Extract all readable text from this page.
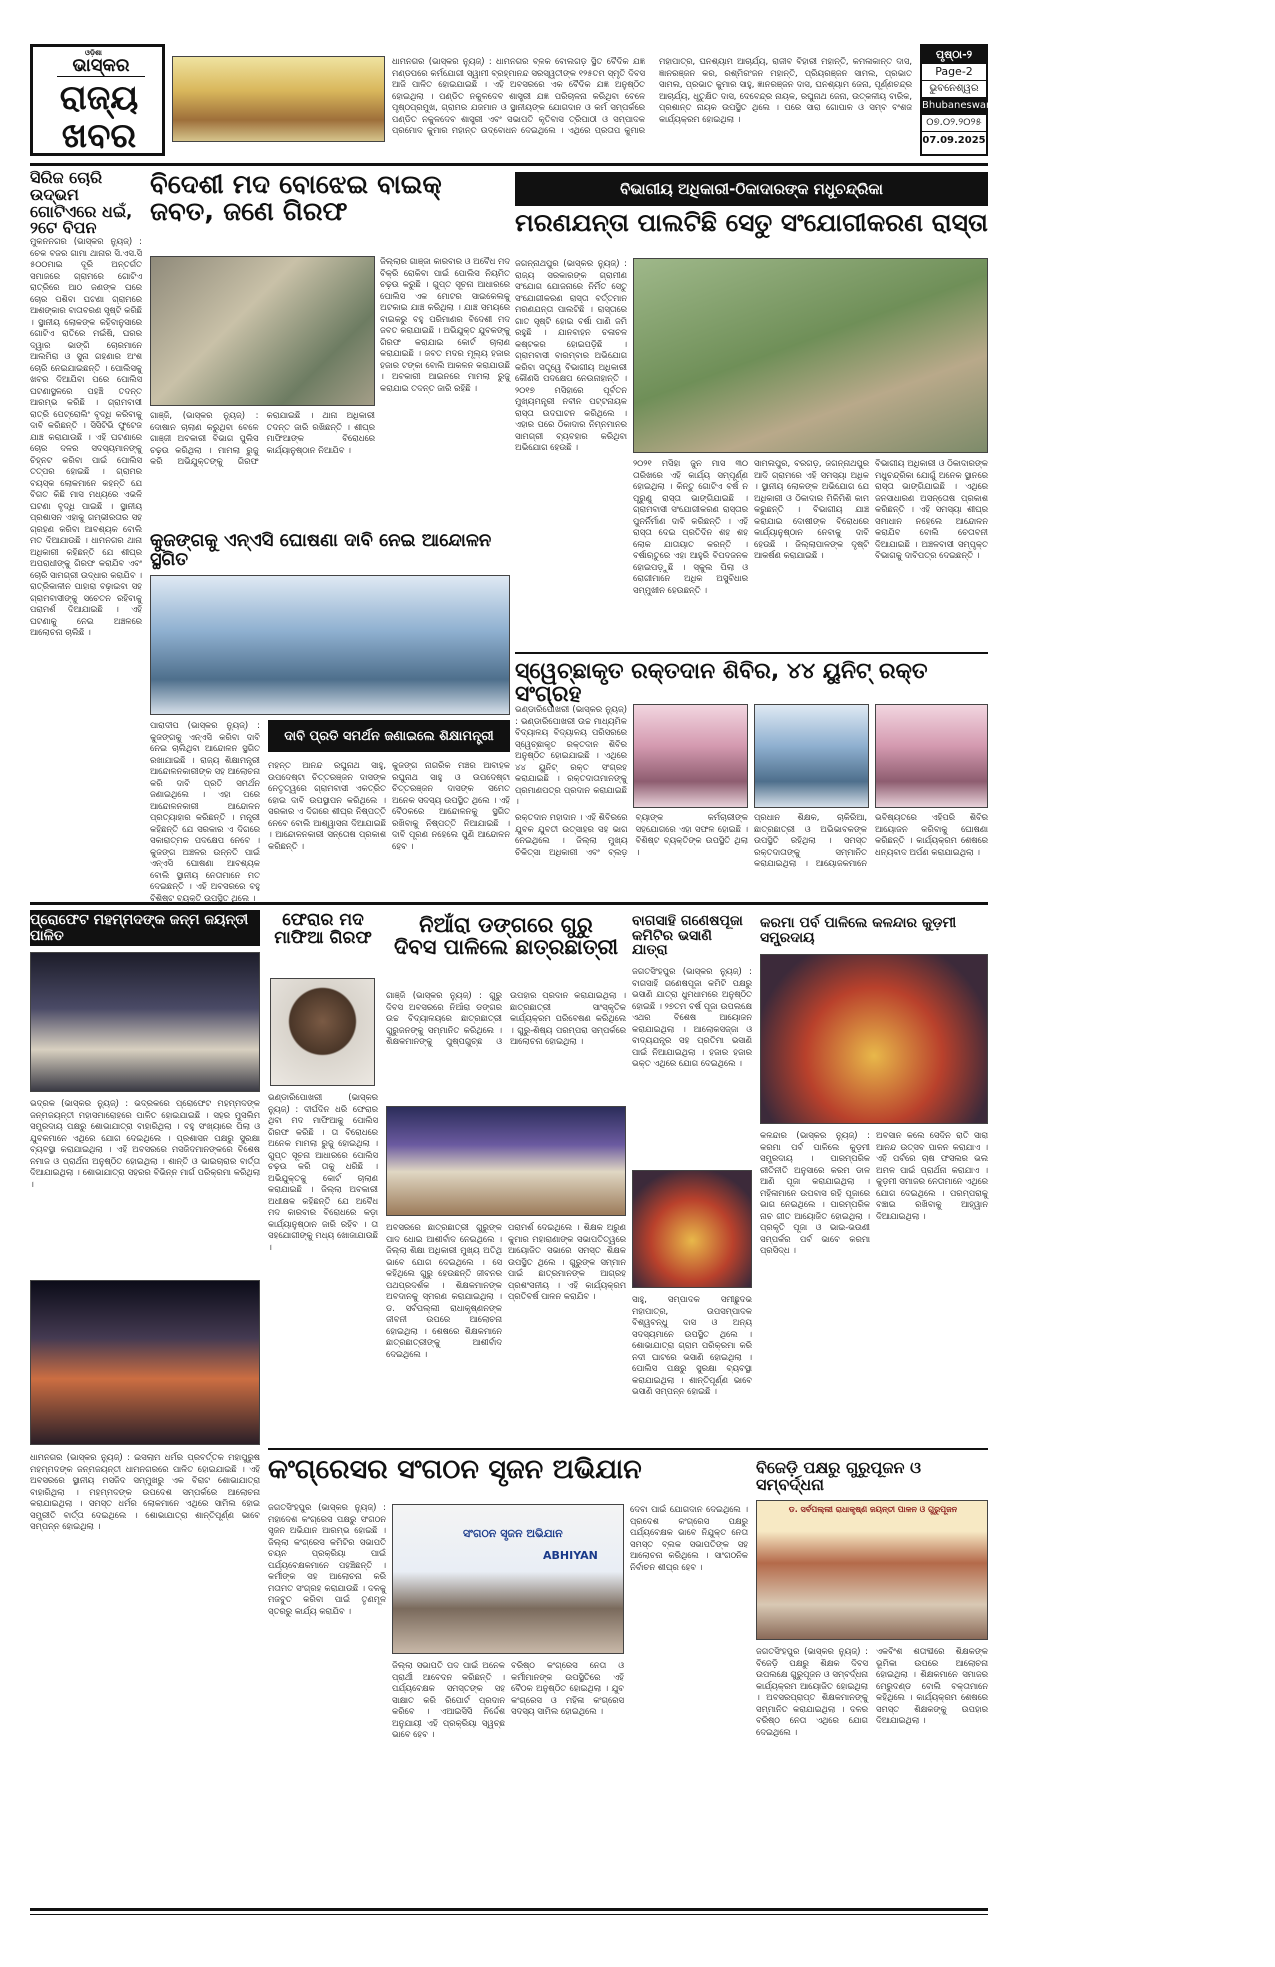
ଓଡ଼ିଶା
ଭାସ୍କର
ରାଜ୍ୟ
ଖବର
ଧାମନଗର (ଭାସ୍କର ନ୍ୟୁଜ୍) : ଧାମନଗର ବ୍ଳକ ବୋଲଗଡ଼ ସ୍ଥିତ ବୈଦିକ ଯଜ୍ଞ ମଣ୍ଡପରେ କର୍ମଯୋଗୀ ସ୍ୱାମୀ ବ୍ରହ୍ମାନନ୍ଦ ସରସ୍ୱତୀଙ୍କ ୧୨୫ତମ ସ୍ମୃତି ଦିବସ ଆଜି ପାଳିତ ହୋଇଯାଇଛି । ଏହି ଅବସରରେ ଏକ ବୈଦିକ ଯଜ୍ଞ ଅନୁଷ୍ଠିତ ହୋଇଥିଲା । ପଣ୍ଡିତ ନକୁଳଦେବ ଶାସ୍ତ୍ରୀ ଯଜ୍ଞ ପରିଚାଳନା କରିଥିବା ବେଳେ ପୃଷ୍ଠପ୍ରମୁଖ, ଗ୍ରାମର ଯଜମାନ ଓ ସ୍ଥାନୀୟଙ୍କ ଯୋଗଦାନ ଓ କର୍ମ ସମ୍ପର୍କରେ ପଣ୍ଡିତ ନକୁଳଦେବ ଶାସ୍ତ୍ରୀ ଏବଂ ସଭାପତି କୃତିବାସ ତ୍ରିପାଠୀ ଓ ସମ୍ପାଦକ ପ୍ରମୋଦ କୁମାର ମହାନ୍ତ ଉଦ୍ବୋଧନ ଦେଇଥିଲେ । ଏଥିରେ ପ୍ରତାପ କୁମାର ମହାପାତ୍ର, ଘନଶ୍ୟାମ ଆଚାର୍ଯ୍ୟ, ରାଜୀବ ବିହାରୀ ମହାନ୍ତି, କମଳାକାନ୍ତ ଦାସ, ଜ୍ଞାନରଞ୍ଜନ କର, ରଶ୍ମିରଂଜନ ମହାନ୍ତି, ପ୍ରିୟରଞ୍ଜନ ସାମଲ, ପ୍ରଭାତ ସାମଲ, ପ୍ରଭାତ କୁମାର ସାହୁ, ଜ୍ଞାନରଞ୍ଜନ ଦାସ, ଘନଶ୍ୟାମ ଜେନା, ପୂର୍ଣ୍ଣଚନ୍ଦ୍ର ଆଚାର୍ଯ୍ୟ, ଧୃତୁକ୍ଷିତ ଦାସ, ଦେବେନ୍ଦ୍ର ନାୟକ, ରଘୁନାଥ ଜେନା, ଉତ୍କଳୀୟ ବାରିକ, ପ୍ରଶାନ୍ତ ନାୟକ ଉପସ୍ଥିତ ଥିଲେ । ପରେ ସାରା ଗୋପାଳ ଓ ସମ୍ବ ବଂଶଜ କାର୍ଯ୍ୟକ୍ରମ ହୋଇଥିଲା ।
ପୃଷ୍ଠା-୨
Page-2
ଭୁବନେଶ୍ୱର
Bhubaneswar
୦୭.୦୨.୨୦୨୫
07.09.2025
ସିରିଜ ଚୋରି ଉଦ୍ଭମ
ଗୋଟିଏରେ ଧଇଁ, ୨ଟେ ବିପନ
ମୁକନନଗର (ଭାସ୍କର ନ୍ୟୁଜ୍) : ଚେକ ବଜର ଗାମା ଥାନାର ସି.ଏସ.ସି ୫୦୦ମାଇ ଦୂରି ଅନ୍ତର୍ଗତ ସମାଜରେ ଗ୍ରାମରେ ଗୋଟିଏ ରାତ୍ରିରେ ଆଠ ଜଣଙ୍କ ଘରେ ଚୋର ପଶିବା ଘଟଣା ଗ୍ରାମରେ ଆଶଙ୍କାର ବାତାବରଣ ସୃଷ୍ଟି କରିଛି । ସ୍ଥାନୀୟ ଲୋକଙ୍କ କହିବାନୁସାରେ ଗୋଟିଏ ରାତିରେ ମଇଁଷି, ଘରର ଦ୍ୱାର ଭାଙ୍ଗି ଚୋରମାନେ ଆଲମିରା ଓ ସୁନା ଗହଣାର ଅଂଶ ଚୋରି ନେଇଯାଇଛନ୍ତି । ପୋଲିସକୁ ଖବର ଦିଆଯିବା ପରେ ପୋଲିସ ଘଟଣାସ୍ଥଳରେ ପହଞ୍ଚି ତଦନ୍ତ ଆରମ୍ଭ କରିଛି । ଗ୍ରାମବାସୀ ରାତ୍ରି ପେଟ୍ରୋଲିଂ ବୃଦ୍ଧି କରିବାକୁ ଦାବି କରିଛନ୍ତି । ସିସିଟିଭି ଫୁଟେଜ ଯାଞ୍ଚ କରାଯାଉଛି । ଏହି ଘଟଣାରେ ଚୋର ଦଳର ସଦସ୍ୟମାନଙ୍କୁ ଚିହ୍ନଟ କରିବା ପାଇଁ ପୋଲିସ ତତ୍ପର ହୋଇଛି । ଗ୍ରାମର ବୟସ୍କ ଲୋକମାନେ କହନ୍ତି ଯେ ବିଗତ କିଛି ମାସ ମଧ୍ୟରେ ଏଭଳି ଘଟଣା ବୃଦ୍ଧି ପାଇଛି । ସ୍ଥାନୀୟ ପ୍ରଶାସନ ଏହାକୁ ଗମ୍ଭୀରତାର ସହ ଗ୍ରହଣ କରିବା ଆବଶ୍ୟକ ବୋଲି ମତ ଦିଆଯାଉଛି । ଧାମନଗର ଥାନା ଅଧିକାରୀ କହିଛନ୍ତି ଯେ ଶୀଘ୍ର ଅପରାଧୀଙ୍କୁ ଗିରଫ କରାଯିବ ଏବଂ ଚୋରି ସାମଗ୍ରୀ ଉଦ୍ଧାର କରାଯିବ । ରାତ୍ରିକାଳୀନ ପାହାରା ବଢ଼ାଇବା ସହ ଗ୍ରାମବାସୀଙ୍କୁ ସଚେତନ ରହିବାକୁ ପରାମର୍ଶ ଦିଆଯାଇଛି । ଏହି ଘଟଣାକୁ ନେଇ ଅଞ୍ଚଳରେ ଆଲୋଚନା ଚାଲିଛି ।
ବିଦେଶୀ ମଦ ବୋଝେଇ ବାଇକ୍ ଜବତ, ଜଣେ ଗିରଫ
ଜିଲ୍ଲାର ଗାଞ୍ଜା କାରବାର ଓ ଅବୈଧ ମଦ ବିକ୍ରି ରୋକିବା ପାଇଁ ପୋଲିସ ନିୟମିତ ଚଢ଼ଉ କରୁଛି । ଗୁପ୍ତ ସୂଚନା ଆଧାରରେ ପୋଲିସ ଏକ ମୋଟର ସାଇକେଲକୁ ଅଟକାଇ ଯାଞ୍ଚ କରିଥିଲା । ଯାଞ୍ଚ ସମୟରେ ବାଇକରୁ ବହୁ ପରିମାଣର ବିଦେଶୀ ମଦ ଜବତ କରାଯାଇଛି । ଅଭିଯୁକ୍ତ ଯୁବକଙ୍କୁ ଗିରଫ କରାଯାଇ କୋର୍ଟ ଚାଲାଣ କରାଯାଇଛି । ଜବତ ମଦର ମୂଲ୍ୟ ହଜାର ହଜାର ଟଙ୍କା ବୋଲି ଆକଳନ କରାଯାଉଛି । ଅବକାରୀ ଆଇନରେ ମାମଲା ରୁଜୁ କରାଯାଇ ତଦନ୍ତ ଜାରି ରହିଛି ।
ଗାଞ୍ଜି, (ଭାସ୍କର ନ୍ୟୁଜ୍) : ଦୋଷାନ ଚାଲାଣ କରୁଥିବା ବେଳେ ଗାଞ୍ଜୀ ଅବକାରୀ ବିଭାଗ ପୁଲିସ ଚଢ଼ଉ କରିଥିଲା । ମାମଲା ରୁଜୁ କରି ଅଭିଯୁକ୍ତଙ୍କୁ ଗିରଫ କରାଯାଇଛି । ଥାନା ଅଧିକାରୀ ତଦନ୍ତ ଜାରି ରଖିଛନ୍ତି । ଶୀଘ୍ର ମାଫିଆଙ୍କ ବିରୋଧରେ କାର୍ଯ୍ୟାନୁଷ୍ଠାନ ନିଆଯିବ ।
କୁଜଙ୍ଗକୁ ଏନ୍‌ଏସି ଘୋଷଣା ଦାବି ନେଇ ଆନ୍ଦୋଳନ ସ୍ଥଗିତ
ପାରାଦୀପ (ଭାସ୍କର ନ୍ୟୁଜ୍) : କୁଜଙ୍ଗକୁ ଏନ୍‌ଏସି କରିବା ଦାବି ନେଇ ଚାଲିଥିବା ଆନ୍ଦୋଳନ ସ୍ଥଗିତ ରଖାଯାଇଛି । ରାଜ୍ୟ ଶିକ୍ଷାମନ୍ତ୍ରୀ ଆନ୍ଦୋଳନକାରୀଙ୍କ ସହ ଆଲୋଚନା କରି ଦାବି ପ୍ରତି ସମର୍ଥନ ଜଣାଇଥିଲେ । ଏହା ପରେ ଆନ୍ଦୋଳନକାରୀ ଆନ୍ଦୋଳନ ପ୍ରତ୍ୟାହାର କରିଛନ୍ତି । ମନ୍ତ୍ରୀ କହିଛନ୍ତି ଯେ ସରକାର ଏ ଦିଗରେ ସକାରାତ୍ମକ ପଦକ୍ଷେପ ନେବେ । କୁଜଙ୍ଗ ଅଞ୍ଚଳର ଉନ୍ନତି ପାଇଁ ଏନ୍‌ଏସି ଘୋଷଣା ଆବଶ୍ୟକ ବୋଲି ସ୍ଥାନୀୟ ନେତାମାନେ ମତ ଦେଇଛନ୍ତି । ଏହି ଅବସରରେ ବହୁ ବିଶିଷ୍ଟ ବ୍ୟକ୍ତି ଉପସ୍ଥିତ ଥିଲେ ।
ଦାବି ପ୍ରତି ସମର୍ଥନ ଜଣାଇଲେ ଶିକ୍ଷାମନ୍ତ୍ରୀ
ମହନ୍ତ ଆନନ୍ଦ ରଘୁନାଥ ସାହୁ, ଉପଦେଷ୍ଟା ଚିତ୍ତରଞ୍ଜନ ଦାସଙ୍କ ନେତୃତ୍ୱରେ ଗ୍ରାମବାସୀ ଏକତ୍ରିତ ହୋଇ ଦାବି ଉପସ୍ଥାପନ କରିଥିଲେ । ସରକାର ଏ ଦିଗରେ ଶୀଘ୍ର ନିଷ୍ପତ୍ତି ନେବେ ବୋଲି ଆଶ୍ୱାସନା ଦିଆଯାଇଛି । ଆନ୍ଦୋଳନକାରୀ ସନ୍ତୋଷ ପ୍ରକାଶ କରିଛନ୍ତି ।
କୁଜଙ୍ଗ ନାଗରିକ ମଞ୍ଚର ଆବାହକ ରଘୁନାଥ ସାହୁ ଓ ଉପଦେଷ୍ଟା ଚିତ୍ତରଞ୍ଜନ ଦାସଙ୍କ ସମେତ ଅନେକ ସଦସ୍ୟ ଉପସ୍ଥିତ ଥିଲେ । ଏହି ବୈଠକରେ ଆନ୍ଦୋଳନକୁ ସ୍ଥଗିତ ରଖିବାକୁ ନିଷ୍ପତ୍ତି ନିଆଯାଇଛି । ଦାବି ପୂରଣ ନହେଲେ ପୁଣି ଆନ୍ଦୋଳନ ହେବ ।
ବିଭାଗୀୟ ଅଧିକାରୀ-ଠିକାଦାରଙ୍କ ମଧୁଚନ୍ଦ୍ରିକା
ମରଣଯନ୍ତା ପାଲଟିଛି ସେତୁ ସଂଯୋଗୀକରଣ ରାସ୍ତା
ଜଗନ୍ନାଥପୁର (ଭାସ୍କର ନ୍ୟୁଜ୍) : ରାଜ୍ୟ ସରକାରଙ୍କ ଗ୍ରାମୀଣ ସଂଯୋଗ ଯୋଜନାରେ ନିର୍ମିତ ସେତୁ ସଂଯୋଗୀକରଣ ରାସ୍ତା ବର୍ତ୍ତମାନ ମରଣଯନ୍ତା ପାଲଟିଛି । ରାସ୍ତାରେ ଗାତ ସୃଷ୍ଟି ହୋଇ ବର୍ଷା ପାଣି ଜମି ରହୁଛି । ଯାନବାହନ ଚଳାଚଳ କଷ୍ଟକର ହୋଇପଡ଼ିଛି । ଗ୍ରାମବାସୀ ବାରମ୍ବାର ଅଭିଯୋଗ କରିବା ସତ୍ତ୍ୱେ ବିଭାଗୀୟ ଅଧିକାରୀ କୌଣସି ପଦକ୍ଷେପ ନେଉନାହାନ୍ତି । ୨୦୧୭ ମସିହାରେ ପୂର୍ବତନ ମୁଖ୍ୟମନ୍ତ୍ରୀ ନବୀନ ପଟ୍ଟନାୟକ ରାସ୍ତା ଉଦଘାଟନ କରିଥିଲେ । ଏହାର ପରେ ଠିକାଦାର ନିମ୍ନମାନର ସାମଗ୍ରୀ ବ୍ୟବହାର କରିଥିବା ଅଭିଯୋଗ ହେଉଛି ।
୨୦୨୧ ମସିହା ଜୁନ ମାସ ୩୦ ତାରିଖରେ ଏହି କାର୍ଯ୍ୟ ସମ୍ପୂର୍ଣ୍ଣ ହୋଇଥିଲା । କିନ୍ତୁ ଗୋଟିଏ ବର୍ଷ ନ ପୂରୁଣୁ ରାସ୍ତା ଭାଙ୍ଗିଯାଇଛି । ଗ୍ରାମବାସୀ ସଂଯୋଗୀକରଣ ରାସ୍ତାର ପୁନର୍ନିର୍ମାଣ ଦାବି କରିଛନ୍ତି । ଏହି ରାସ୍ତା ଦେଇ ପ୍ରତିଦିନ ଶହ ଶହ ଲୋକ ଯାତାୟାତ କରନ୍ତି । ବର୍ଷାଋତୁରେ ଏହା ଆହୁରି ବିପଦଜନକ ହୋଇପଡ଼ୁଛି । ସ୍କୁଲ ପିଲା ଓ ରୋଗୀମାନେ ଅଧିକ ଅସୁବିଧାର ସମ୍ମୁଖୀନ ହେଉଛନ୍ତି ।
ସାମଲପୁର, ବରଗଡ଼, ଜଗନ୍ନାଥପୁର ଆଦି ଗ୍ରାମରେ ଏହି ସମସ୍ୟା ଅଧିକ । ସ୍ଥାନୀୟ ଲୋକଙ୍କ ଅଭିଯୋଗ ଯେ ଅଧିକାରୀ ଓ ଠିକାଦାର ମିଳିମିଶି କାମ କରୁଛନ୍ତି । ବିଭାଗୀୟ ଯାଞ୍ଚ କରାଯାଇ ଦୋଷୀଙ୍କ ବିରୋଧରେ କାର୍ଯ୍ୟାନୁଷ୍ଠାନ ନେବାକୁ ଦାବି ହେଉଛି । ଜିଲ୍ଲାପାଳଙ୍କ ଦୃଷ୍ଟି ଆକର୍ଷଣ କରାଯାଇଛି ।
ବିଭାଗୀୟ ଅଧିକାରୀ ଓ ଠିକାଦାରଙ୍କ ମଧୁଚନ୍ଦ୍ରିକା ଯୋଗୁଁ ଅନେକ ସ୍ଥାନରେ ରାସ୍ତା ଭାଙ୍ଗିଯାଇଛି । ଏଥିରେ ଜନସାଧାରଣ ଅସନ୍ତୋଷ ପ୍ରକାଶ କରିଛନ୍ତି । ଏହି ସମସ୍ୟା ଶୀଘ୍ର ସମାଧାନ ନହେଲେ ଆନ୍ଦୋଳନ କରାଯିବ ବୋଲି ଚେତାବନୀ ଦିଆଯାଇଛି । ଅଞ୍ଚଳବାସୀ ସମ୍ପୃକ୍ତ ବିଭାଗକୁ ଦାବିପତ୍ର ଦେଇଛନ୍ତି ।
ସ୍ୱେଚ୍ଛାକୃତ ରକ୍ତଦାନ ଶିବିର, ୪୪ ୟୁନିଟ୍ ରକ୍ତ ସଂଗ୍ରହ
ଭଣ୍ଡାରିପୋଖରୀ (ଭାସ୍କର ନ୍ୟୁଜ୍) : ଭଣ୍ଡାରିପୋଖରୀ ଉଚ୍ଚ ମାଧ୍ୟମିକ ବିଦ୍ୟାଳୟ ବିଦ୍ୟାଳୟ ପରିସରରେ ସ୍ୱେଚ୍ଛାକୃତ ରକ୍ତଦାନ ଶିବିର ଅନୁଷ୍ଠିତ ହୋଇଯାଇଛି । ଏଥିରେ ୪୪ ୟୁନିଟ୍ ରକ୍ତ ସଂଗ୍ରହ କରାଯାଇଛି । ରକ୍ତଦାତାମାନଙ୍କୁ ପ୍ରମାଣପତ୍ର ପ୍ରଦାନ କରାଯାଇଛି ।
ରକ୍ତଦାନ ମହାଦାନ । ଏହି ଶିବିରରେ ଯୁବକ ଯୁବତୀ ଉତ୍ସାହର ସହ ଭାଗ ନେଇଥିଲେ । ଜିଲ୍ଲା ମୁଖ୍ୟ ଚିକିତ୍ସା ଅଧିକାରୀ ଏବଂ ବ୍ଲଡ଼ ବ୍ୟାଙ୍କ କର୍ମଚାରୀଙ୍କ ସହଯୋଗରେ ଏହା ସଫଳ ହୋଇଛି । ବିଶିଷ୍ଟ ବ୍ୟକ୍ତିଙ୍କ ଉପସ୍ଥିତି ଥିଲା ।
ପ୍ରଧାନ ଶିକ୍ଷକ, ଚାକିରିଆ, ଛାତ୍ରଛାତ୍ରୀ ଓ ଅଭିଭାବକଙ୍କ ଉପସ୍ଥିତି ରହିଥିଲା । ସମସ୍ତ ରକ୍ତଦାତାଙ୍କୁ ସମ୍ମାନିତ କରାଯାଇଥିଲା । ଆୟୋଜକମାନେ ଭବିଷ୍ୟତରେ ଏହିପରି ଶିବିର ଆୟୋଜନ କରିବାକୁ ଘୋଷଣା କରିଛନ୍ତି । କାର୍ଯ୍ୟକ୍ରମ ଶେଷରେ ଧନ୍ୟବାଦ ଅର୍ପଣ କରାଯାଇଥିଲା ।
ପ୍ରୋଫେଟ ମହମ୍ମଦଙ୍କ ଜନ୍ମ ଜୟନ୍ତୀ ପାଳିତ
ଭଦ୍ରକ (ଭାସ୍କର ନ୍ୟୁଜ୍) : ଭଦ୍ରକରେ ପ୍ରୋଫେଟ ମହମ୍ମଦଙ୍କ ଜନ୍ମଜୟନ୍ତୀ ମହାସମାରୋହରେ ପାଳିତ ହୋଇଯାଇଛି । ସହର ମୁସଲିମ ସମ୍ପ୍ରଦାୟ ପକ୍ଷରୁ ଶୋଭାଯାତ୍ରା ବାହାରିଥିଲା । ବହୁ ସଂଖ୍ୟାରେ ପିଲା ଓ ଯୁବକମାନେ ଏଥିରେ ଯୋଗ ଦେଇଥିଲେ । ପ୍ରଶାସନ ପକ୍ଷରୁ ସୁରକ୍ଷା ବ୍ୟବସ୍ଥା କରାଯାଇଥିଲା । ଏହି ଅବସରରେ ମସଜିଦମାନଙ୍କରେ ବିଶେଷ ନମାଜ ଓ ପ୍ରାର୍ଥନା ଅନୁଷ୍ଠିତ ହୋଇଥିଲା । ଶାନ୍ତି ଓ ଭାଇଚାରାର ବାର୍ତ୍ତା ଦିଆଯାଇଥିଲା । ଶୋଭାଯାତ୍ରା ସହରର ବିଭିନ୍ନ ମାର୍ଗ ପରିକ୍ରମା କରିଥିଲା ।
ଧାମନଗର (ଭାସ୍କର ନ୍ୟୁଜ୍) : ଇସଲାମ ଧର୍ମର ପ୍ରବର୍ତ୍ତକ ମହାପୁରୁଷ ମହମ୍ମଦଙ୍କ ଜନ୍ମଜୟନ୍ତୀ ଧାମନଗରରେ ପାଳିତ ହୋଇଯାଇଛି । ଏହି ଅବସରରେ ସ୍ଥାନୀୟ ମସଜିଦ ସମ୍ମୁଖରୁ ଏକ ବିରାଟ ଶୋଭାଯାତ୍ରା ବାହାରିଥିଲା । ମହମ୍ମଦଙ୍କ ଉପଦେଶ ସମ୍ପର୍କରେ ଆଲୋଚନା କରାଯାଇଥିଲା । ସମସ୍ତ ଧର୍ମର ଲୋକମାନେ ଏଥିରେ ସାମିଲ ହୋଇ ସମ୍ପ୍ରୀତି ବାର୍ତ୍ତା ଦେଇଥିଲେ । ଶୋଭାଯାତ୍ରା ଶାନ୍ତିପୂର୍ଣ୍ଣ ଭାବେ ସମ୍ପନ୍ନ ହୋଇଥିଲା ।
ଫେରାର ମଦ
ମାଫିଆ ଗିରଫ
ଭଣ୍ଡାରିପୋଖରୀ (ଭାସ୍କର ନ୍ୟୁଜ୍) : ଦୀର୍ଘଦିନ ଧରି ଫେରାର ଥିବା ମଦ ମାଫିଆକୁ ପୋଲିସ ଗିରଫ କରିଛି । ତା ବିରୋଧରେ ଅନେକ ମାମଲା ରୁଜୁ ହୋଇଥିଲା । ଗୁପ୍ତ ସୂଚନା ଆଧାରରେ ପୋଲିସ ଚଢ଼ଉ କରି ତାକୁ ଧରିଛି । ଅଭିଯୁକ୍ତକୁ କୋର୍ଟ ଚାଲାଣ କରାଯାଇଛି । ଜିଲ୍ଲା ଅବକାରୀ ଅଧୀକ୍ଷକ କହିଛନ୍ତି ଯେ ଅବୈଧ ମଦ କାରବାର ବିରୋଧରେ କଡ଼ା କାର୍ଯ୍ୟାନୁଷ୍ଠାନ ଜାରି ରହିବ । ତା ସହଯୋଗୀଙ୍କୁ ମଧ୍ୟ ଖୋଜାଯାଉଛି ।
ନିଆଁରା ଡଙ୍ଗରେ ଗୁରୁ
ଦିବସ ପାଳିଲେ ଛାତ୍ରଛାତ୍ରୀ
ଗାଞ୍ଜି (ଭାସ୍କର ନ୍ୟୁଜ୍) : ଗୁରୁ ଦିବସ ଅବସରରେ ନିଆଁରା ଡଙ୍ଗର ଉଚ୍ଚ ବିଦ୍ୟାଳୟରେ ଛାତ୍ରଛାତ୍ରୀ ଗୁରୁଜନଙ୍କୁ ସମ୍ମାନିତ କରିଥିଲେ । ଶିକ୍ଷକମାନଙ୍କୁ ପୁଷ୍ପଗୁଚ୍ଛ ଓ ଉପହାର ପ୍ରଦାନ କରାଯାଇଥିଲା । ଛାତ୍ରଛାତ୍ରୀ ସାଂସ୍କୃତିକ କାର୍ଯ୍ୟକ୍ରମ ପରିବେଷଣ କରିଥିଲେ । ଗୁରୁ-ଶିଷ୍ୟ ପରମ୍ପରା ସମ୍ପର୍କରେ ଆଲୋଚନା ହୋଇଥିଲା ।
ଅବସରରେ ଛାତ୍ରଛାତ୍ରୀ ଗୁରୁଙ୍କ ପାଦ ଧୋଇ ଆଶୀର୍ବାଦ ନେଇଥିଲେ । ଜିଲ୍ଲା ଶିକ୍ଷା ଅଧିକାରୀ ମୁଖ୍ୟ ଅତିଥି ଭାବେ ଯୋଗ ଦେଇଥିଲେ । ସେ କହିଥିଲେ ଗୁରୁ ହେଉଛନ୍ତି ଜୀବନର ପଥପ୍ରଦର୍ଶକ । ଶିକ୍ଷକମାନଙ୍କ ଅବଦାନକୁ ସ୍ମରଣ କରାଯାଇଥିଲା । ଡ. ସର୍ବପଲ୍ଲୀ ରାଧାକୃଷ୍ଣନଙ୍କ ଜୀବନୀ ଉପରେ ଆଲୋଚନା ହୋଇଥିଲା । ଶେଷରେ ଶିକ୍ଷକମାନେ ଛାତ୍ରଛାତ୍ରୀଙ୍କୁ ଆଶୀର୍ବାଦ ଦେଇଥିଲେ ।
ପରାମର୍ଶ ଦେଇଥିଲେ । ଶିକ୍ଷକ ଅରୁଣ କୁମାର ମହାରାଣାଙ୍କ ସଭାପତିତ୍ୱରେ ଆୟୋଜିତ ସଭାରେ ସମସ୍ତ ଶିକ୍ଷକ ଉପସ୍ଥିତ ଥିଲେ । ଗୁରୁଙ୍କ ସମ୍ମାନ ପାଇଁ ଛାତ୍ରମାନଙ୍କ ଆଗ୍ରହ ପ୍ରଶଂସନୀୟ । ଏହି କାର୍ଯ୍ୟକ୍ରମ ପ୍ରତିବର୍ଷ ପାଳନ କରାଯିବ ।
ବାଗସାହି ଗଣେଷପୂଜା
କମିଟିର ଭସାଣି ଯାତ୍ରା
ଜଗତସିଂହପୁର (ଭାସ୍କର ନ୍ୟୁଜ୍) : ବାଗସାହି ଗଣେଷପୂଜା କମିଟି ପକ୍ଷରୁ ଭସାଣି ଯାତ୍ରା ଧୁମଧାମରେ ଅନୁଷ୍ଠିତ ହୋଇଛି । ୨୭ତମ ବର୍ଷ ପୂଜା ଉପଲକ୍ଷେ ଏଥର ବିଶେଷ ଆୟୋଜନ କରାଯାଇଥିଲା । ଆଲୋକସଜ୍ଜା ଓ ବାଦ୍ୟଯନ୍ତ୍ର ସହ ପ୍ରତିମା ଭସାଣି ପାଇଁ ନିଆଯାଇଥିଲା । ହଜାର ହଜାର ଭକ୍ତ ଏଥିରେ ଯୋଗ ଦେଇଥିଲେ ।
ସାହୁ, ସମ୍ପାଦକ ସମୀଛୁଦଭ ମହାପାତ୍ର, ଉପସମ୍ପାଦକ ବିଶ୍ୱବନ୍ଧୁ ଦାସ ଓ ଅନ୍ୟ ସଦସ୍ୟମାନେ ଉପସ୍ଥିତ ଥିଲେ । ଶୋଭାଯାତ୍ରା ଗ୍ରାମ ପରିକ୍ରମା କରି ନଦୀ ଘାଟରେ ଭସାଣି ହୋଇଥିଲା । ପୋଲିସ ପକ୍ଷରୁ ସୁରକ୍ଷା ବ୍ୟବସ୍ଥା କରାଯାଇଥିଲା । ଶାନ୍ତିପୂର୍ଣ୍ଣ ଭାବେ ଭସାଣି ସମ୍ପନ୍ନ ହୋଇଛି ।
କରମା ପର୍ବ ପାଳିଲେ କଳନ୍ଦାର କୁଡ଼ମୀ ସମ୍ପ୍ରଦାୟ
କଳନ୍ଦାର (ଭାସ୍କର ନ୍ୟୁଜ୍) : କରମା ପର୍ବ ପାଳିଲେ କୁଡ଼ମୀ ସମ୍ପ୍ରଦାୟ । ପାରମ୍ପରିକ ରୀତିନୀତି ଅନୁସାରେ କରମ ଡାଳ ଆଣି ପୂଜା କରାଯାଇଥିଲା । ମହିଳାମାନେ ଉପବାସ ରହି ପୂଜାରେ ଭାଗ ନେଇଥିଲେ । ପାରମ୍ପରିକ ନାଚ ଗୀତ ଆୟୋଜିତ ହୋଇଥିଲା । ପ୍ରକୃତି ପୂଜା ଓ ଭାଇ-ଭଉଣୀ ସମ୍ପର୍କର ପର୍ବ ଭାବେ କରମା ପ୍ରସିଦ୍ଧ ।
ଅବସାନ କଲେ ସେଦିନ ରାତି ସାରା ଆନନ୍ଦ ଉତ୍ସବ ପାଳନ କରାଯାଏ । ଏହି ପର୍ବରେ ଚାଷ ଫସଲର ଭଲ ଅମଳ ପାଇଁ ପ୍ରାର୍ଥନା କରାଯାଏ । କୁଡ଼ମୀ ସମାଜର ନେତାମାନେ ଏଥିରେ ଯୋଗ ଦେଇଥିଲେ । ପରମ୍ପରାକୁ ବଞ୍ଚାଇ ରଖିବାକୁ ଆହ୍ୱାନ ଦିଆଯାଇଥିଲା ।
କଂଗ୍ରେସର ସଂଗଠନ ସୃଜନ ଅଭିଯାନ
ଜଗତସିଂହପୁର (ଭାସ୍କର ନ୍ୟୁଜ୍) : ମହାଦେଶ କଂଗ୍ରେସ ପକ୍ଷରୁ ସଂଗଠନ ସୃଜନ ଅଭିଯାନ ଆରମ୍ଭ ହୋଇଛି । ଜିଲ୍ଲା କଂଗ୍ରେସ କମିଟିର ସଭାପତି ଚୟନ ପ୍ରକ୍ରିୟା ପାଇଁ ପର୍ଯ୍ୟବେକ୍ଷକମାନେ ପହଞ୍ଚିଛନ୍ତି । କର୍ମୀଙ୍କ ସହ ଆଲୋଚନା କରି ମତାମତ ସଂଗ୍ରହ କରାଯାଉଛି । ଦଳକୁ ମଜବୁତ କରିବା ପାଇଁ ତୃଣମୂଳ ସ୍ତରରୁ କାର୍ଯ୍ୟ କରାଯିବ ।
ସଂଗଠନ ସୃଜନ ଅଭିଯାନ
ABHIYAN
ଜିଲ୍ଲା ସଭାପତି ପଦ ପାଇଁ ଅନେକ ପ୍ରାର୍ଥୀ ଆବେଦନ କରିଛନ୍ତି । ପର୍ଯ୍ୟବେକ୍ଷକ ସମସ୍ତଙ୍କ ସହ ସାକ୍ଷାତ କରି ରିପୋର୍ଟ ପ୍ରଦାନ କରିବେ । ଏଆଇସିସି ନିର୍ଦ୍ଦେଶ ଅନୁଯାୟୀ ଏହି ପ୍ରକ୍ରିୟା ସ୍ୱଚ୍ଛ ଭାବେ ହେବ ।
ବରିଷ୍ଠ କଂଗ୍ରେସ ନେତା ଓ କର୍ମୀମାନଙ୍କ ଉପସ୍ଥିତିରେ ଏହି ବୈଠକ ଅନୁଷ୍ଠିତ ହୋଇଥିଲା । ଯୁବ କଂଗ୍ରେସ ଓ ମହିଳା କଂଗ୍ରେସ ସଦସ୍ୟ ସାମିଲ ହୋଇଥିଲେ ।
ଦେବା ପାଇଁ ଯୋଗଦାନ ଦେଇଥିଲେ । ପ୍ରଦେଶ କଂଗ୍ରେସ ପକ୍ଷରୁ ପର୍ଯ୍ୟବେକ୍ଷକ ଭାବେ ନିଯୁକ୍ତ ନେତା ସମସ୍ତ ବ୍ଲକ ସଭାପତିଙ୍କ ସହ ଆଲୋଚନା କରିଥିଲେ । ସାଂଗଠନିକ ନିର୍ବାଚନ ଶୀଘ୍ର ହେବ ।
ବିଜେଡ଼ି ପକ୍ଷରୁ ଗୁରୁପୂଜନ ଓ ସମ୍ବର୍ଦ୍ଧନା
ଡ. ସର୍ବପଲ୍ଲୀ ରାଧାକୃଷ୍ଣ ଜୟନ୍ତୀ ପାଳନ ଓ ଗୁରୁପୂଜନ
ଜଗତସିଂହପୁର (ଭାସ୍କର ନ୍ୟୁଜ୍) : ବିଜେଡ଼ି ପକ୍ଷରୁ ଶିକ୍ଷକ ଦିବସ ଉପଲକ୍ଷେ ଗୁରୁପୂଜନ ଓ ସମ୍ବର୍ଦ୍ଧନା କାର୍ଯ୍ୟକ୍ରମ ଆୟୋଜିତ ହୋଇଥିଲା । ଅବସରପ୍ରାପ୍ତ ଶିକ୍ଷକମାନଙ୍କୁ ସମ୍ମାନିତ କରାଯାଇଥିଲା । ଦଳର ବରିଷ୍ଠ ନେତା ଏଥିରେ ଯୋଗ ଦେଇଥିଲେ ।
ଏକବିଂଶ ଶତାବ୍ଦୀରେ ଶିକ୍ଷକଙ୍କ ଭୂମିକା ଉପରେ ଆଲୋଚନା ହୋଇଥିଲା । ଶିକ୍ଷକମାନେ ସମାଜର ମେରୁଦଣ୍ଡ ବୋଲି ବକ୍ତାମାନେ କହିଥିଲେ । କାର୍ଯ୍ୟକ୍ରମ ଶେଷରେ ସମସ୍ତ ଶିକ୍ଷକଙ୍କୁ ଉପହାର ଦିଆଯାଇଥିଲା ।
